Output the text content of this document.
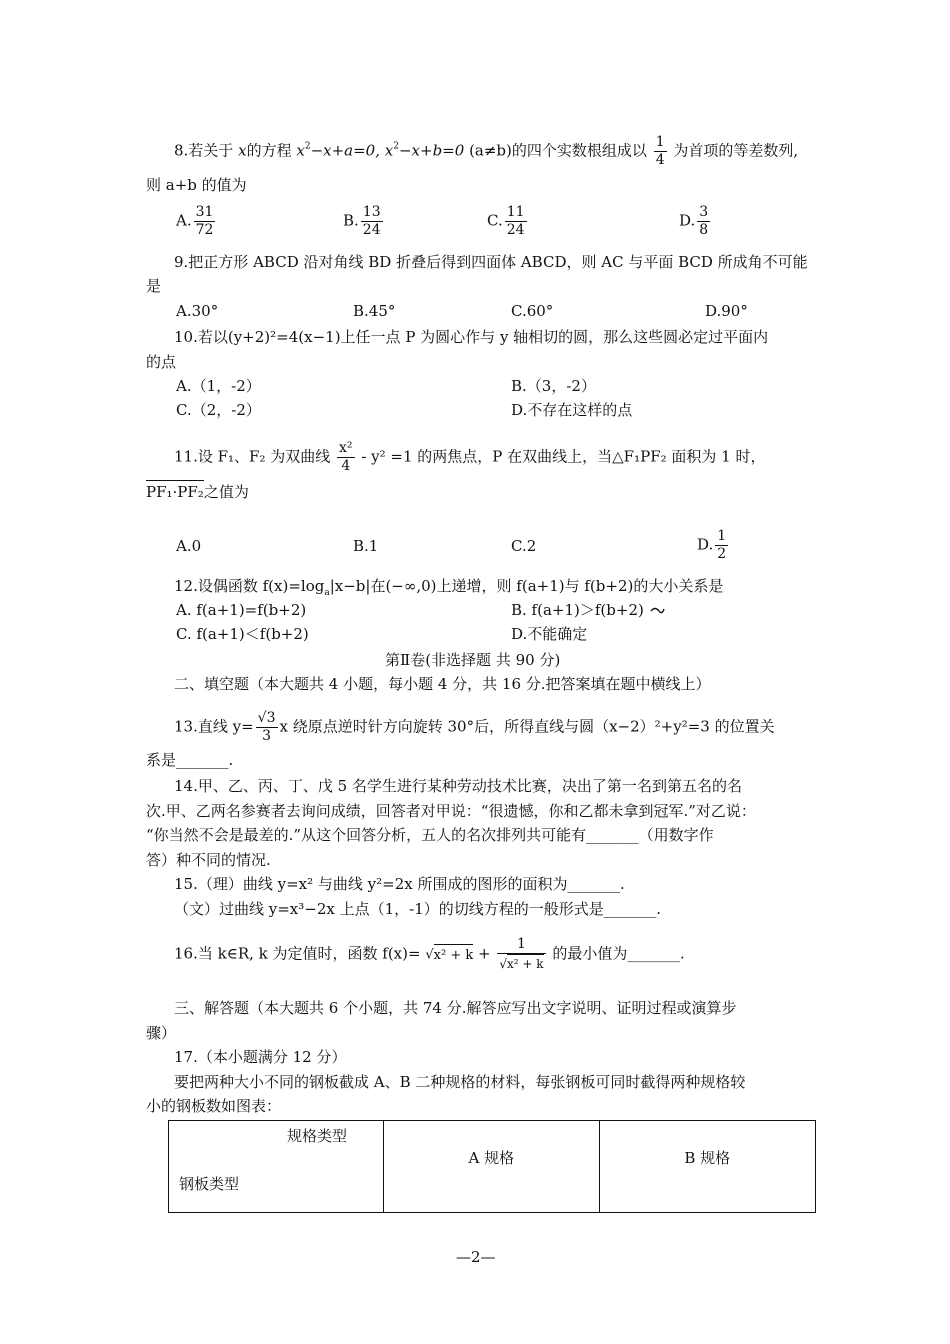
8.若关于 x的方程 $x^2-x+a=0$, $x^2-x+b=0$ (a≠b)的四个实数根组成以 $\frac{1}{4}$ 为首项的等差数列,
则 a+b 的值为
A. $\frac{31}{72}$	B. $\frac{13}{24}$	C. $\frac{11}{24}$	D. $\frac{3}{8}$
9.把正方形 ABCD 沿对角线 BD 折叠后得到四面体 ABCD，则 AC 与平面 BCD 所成角不可能
是
A.30°	B.45°	C.60°	D.90°
10.若以(y+2)²=4(x−1)上任一点 P 为圆心作与 y 轴相切的圆，那么这些圆必定过平面内
的点
A.（1，-2）	B.（3，-2）
C.（2，-2）	D.不存在这样的点
11.设 F₁、F₂ 为双曲线 $\frac{\text{x²}}{4} - y^2 =1$ 的两焦点，P 在双曲线上，当△F₁PF₂ 面积为 1 时，
PF₁·PF₂之值为
A.0	B.1	C.2	D. $\frac{1}{2}$
12.设偶函数 $f(x)=\log_a|x-b|$在(−∞,0)上递增，则 f(a+1)与 f(b+2)的大小关系是
A. f(a+1)=f(b+2)	B. f(a+1)＞f(b+2)
C. f(a+1)＜f(b+2)	D.不能确定
第Ⅱ卷(非选择题 共 90 分)
二、填空题（本大题共 4 小题，每小题 4 分，共 16 分.把答案填在题中横线上）
13.直线 $y= \frac{√3}{3}$ x 绕原点逆时针方向旋转 30°后，所得直线与圆（x−2）²+y²=3 的位置关
系是_______.
14.甲、乙、丙、丁、戊 5 名学生进行某种劳动技术比赛，决出了第一名到第五名的名
次.甲、乙两名参赛者去询问成绩，回答者对甲说：“很遗憾，你和乙都未拿到冠军.”对乙说：
“你当然不会是最差的.”从这个回答分析，五人的名次排列共可能有_______（用数字作
答）种不同的情况.
15.（理）曲线 y=x² 与曲线 y²=2x 所围成的图形的面积为_______.
（文）过曲线 y=x³−2x 上点（1，-1）的切线方程的一般形式是_______.
16.当 k∈R, k 为定值时，函数 $f(x)= √x^2 + k + \frac{1}{\text{√x² + k}}$ 的最小值为_______.
三、解答题（本大题共 6 个小题，共 74 分.解答应写出文字说明、证明过程或演算步
骤）
17.（本小题满分 12 分）
要把两种大小不同的钢板截成 A、B 二种规格的材料，每张钢板可同时截得两种规格较
小的钢板数如图表：
规格类型
钢板类型
	A 规格	B 规格
—2—
